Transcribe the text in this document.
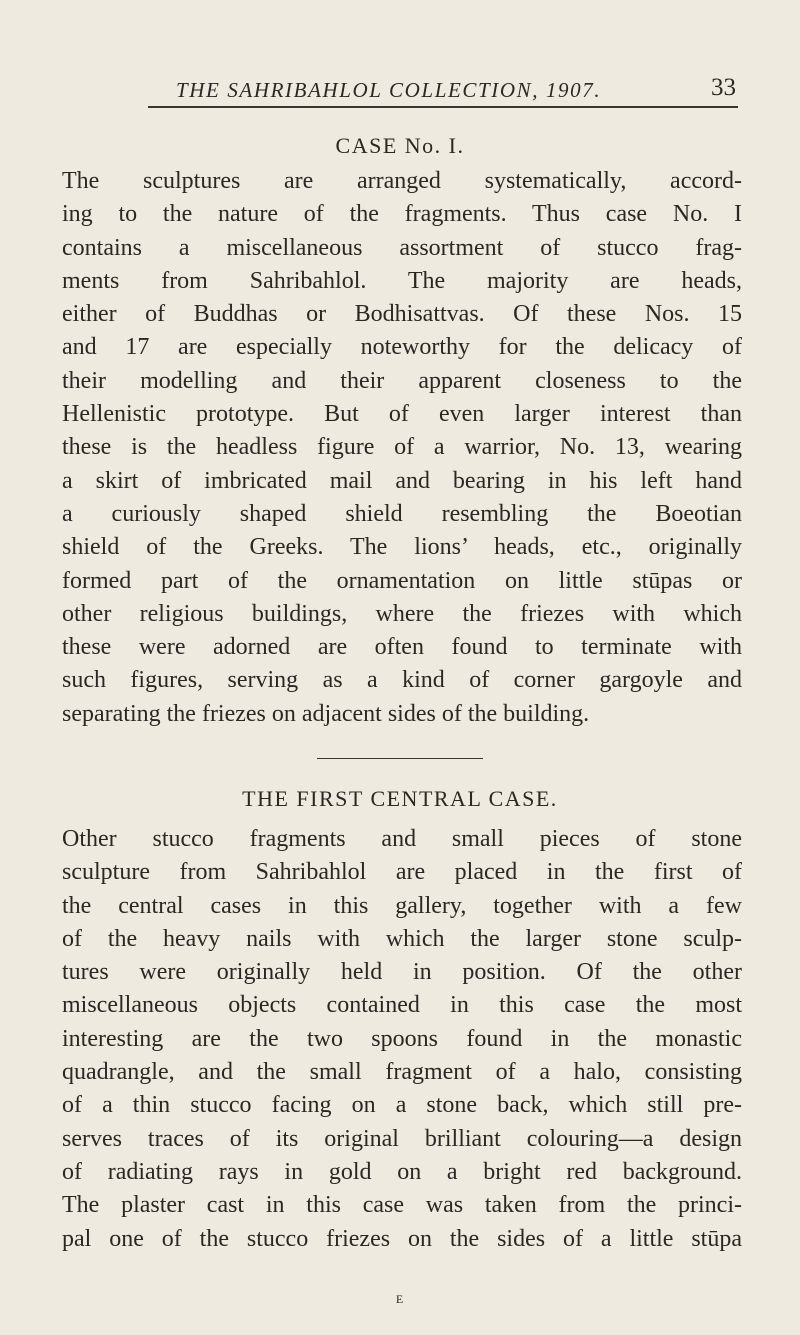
THE SAHRIBAHLOL COLLECTION, 1907.	33
CASE No. I.
The sculptures are arranged systematically, accord-
ing to the nature of the fragments. Thus case No. I
contains a miscellaneous assortment of stucco frag-
ments from Sahribahlol. The majority are heads,
either of Buddhas or Bodhisattvas. Of these Nos. 15
and 17 are especially noteworthy for the delicacy of
their modelling and their apparent closeness to the
Hellenistic prototype. But of even larger interest than
these is the headless figure of a warrior, No. 13, wearing
a skirt of imbricated mail and bearing in his left hand
a curiously shaped shield resembling the Boeotian
shield of the Greeks. The lions’ heads, etc., originally
formed part of the ornamentation on little stūpas or
other religious buildings, where the friezes with which
these were adorned are often found to terminate with
such figures, serving as a kind of corner gargoyle and
separating the friezes on adjacent sides of the building.
THE FIRST CENTRAL CASE.
Other stucco fragments and small pieces of stone
sculpture from Sahribahlol are placed in the first of
the central cases in this gallery, together with a few
of the heavy nails with which the larger stone sculp-
tures were originally held in position. Of the other
miscellaneous objects contained in this case the most
interesting are the two spoons found in the monastic
quadrangle, and the small fragment of a halo, consisting
of a thin stucco facing on a stone back, which still pre-
serves traces of its original brilliant colouring—a design
of radiating rays in gold on a bright red background.
The plaster cast in this case was taken from the princi-
pal one of the stucco friezes on the sides of a little stūpa
E
